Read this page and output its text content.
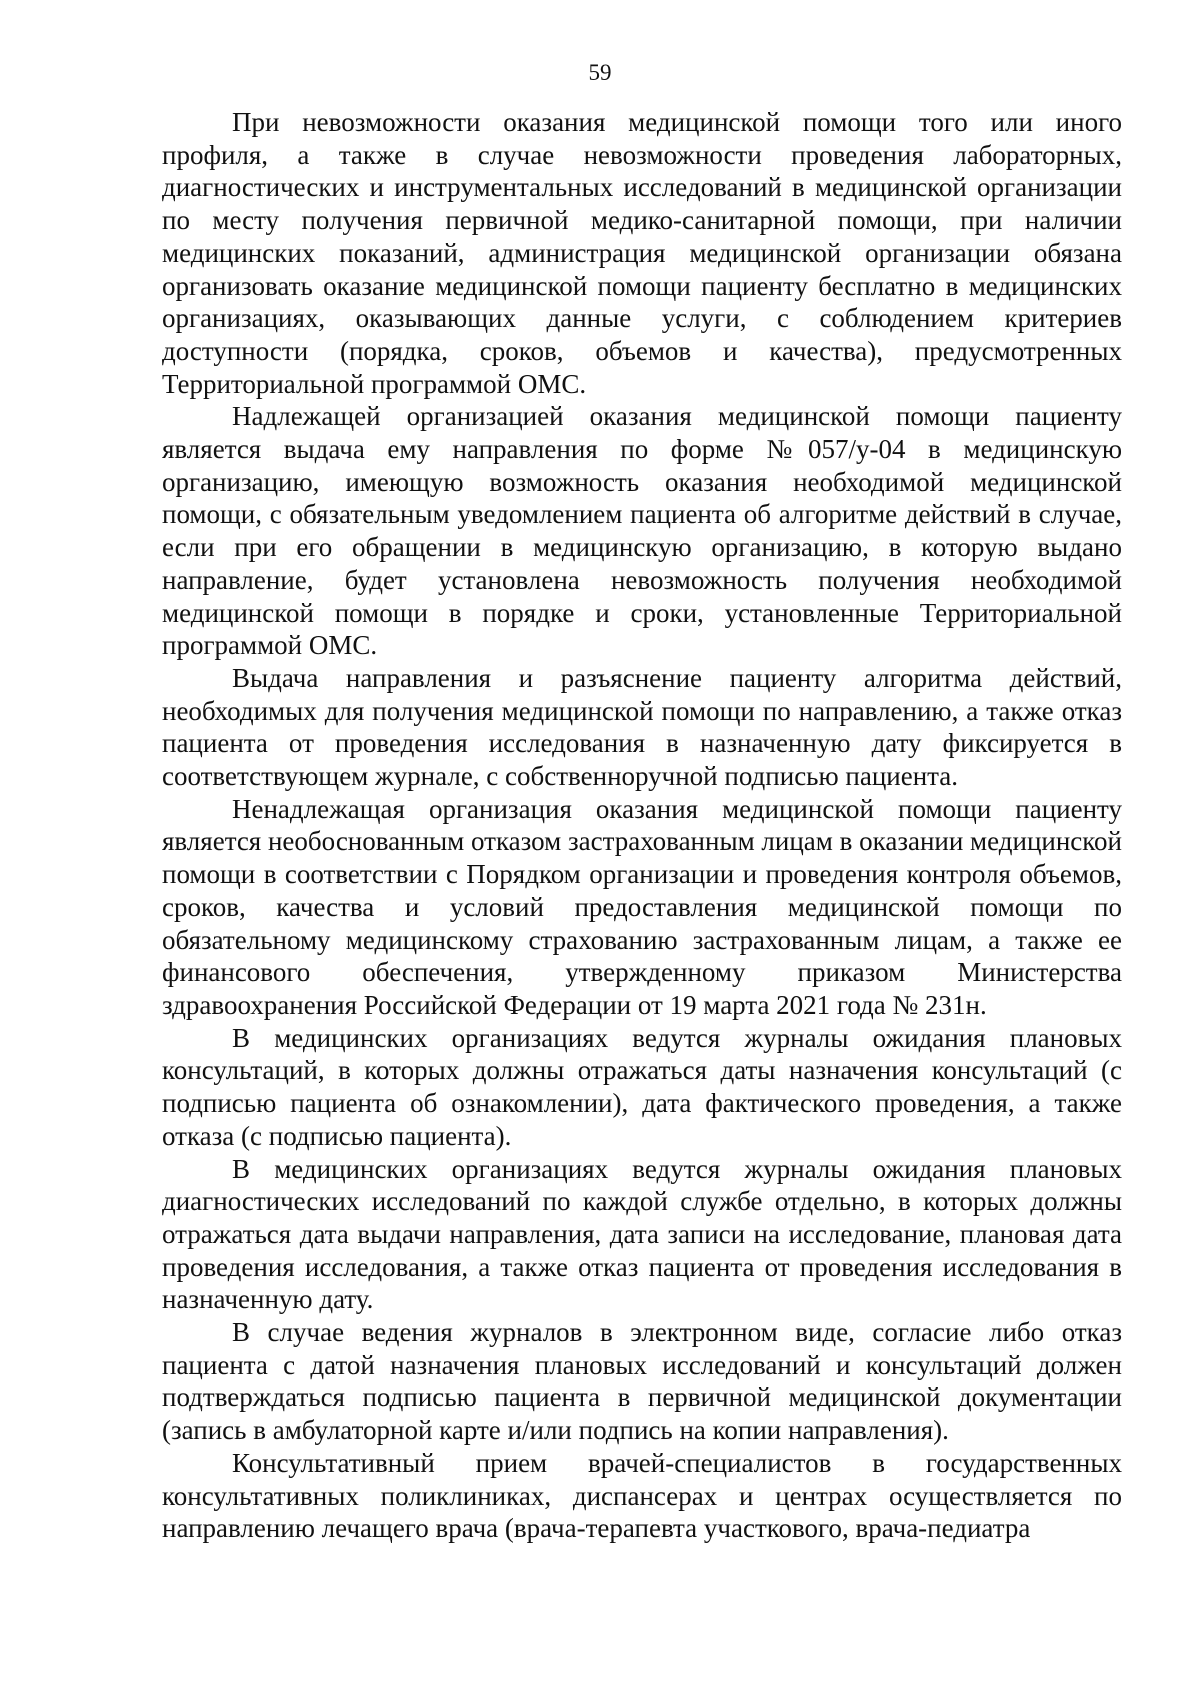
59

При невозможности оказания медицинской помощи того или иного профиля, а также в случае невозможности проведения лабораторных, диагностических и инструментальных исследований в медицинской организации по месту получения первичной медико-санитарной помощи, при наличии медицинских показаний, администрация медицинской организации обязана организовать оказание медицинской помощи пациенту бесплатно в медицинских организациях, оказывающих данные услуги, с соблюдением критериев доступности (порядка, сроков, объемов и качества), предусмотренных Территориальной программой ОМС.

Надлежащей организацией оказания медицинской помощи пациенту является выдача ему направления по форме №057/у-04 в медицинскую организацию, имеющую возможность оказания необходимой медицинской помощи, с обязательным уведомлением пациента об алгоритме действий в случае, если при его обращении в медицинскую организацию, в которую выдано направление, будет установлена невозможность получения необходимой медицинской помощи в порядке и сроки, установленные Территориальной программой ОМС.

Выдача направления и разъяснение пациенту алгоритма действий, необходимых для получения медицинской помощи по направлению, а также отказ пациента от проведения исследования в назначенную дату фиксируется в соответствующем журнале, с собственноручной подписью пациента.

Ненадлежащая организация оказания медицинской помощи пациенту является необоснованным отказом застрахованным лицам в оказании медицинской помощи в соответствии с Порядком организации и проведения контроля объемов, сроков, качества и условий предоставления медицинской помощи по обязательному медицинскому страхованию застрахованным лицам, а также ее финансового обеспечения, утвержденному приказом Министерства здравоохранения Российской Федерации от 19 марта 2021 года № 231н.

В медицинских организациях ведутся журналы ожидания плановых консультаций, в которых должны отражаться даты назначения консультаций (с подписью пациента об ознакомлении), дата фактического проведения, а также отказа (с подписью пациента).

В медицинских организациях ведутся журналы ожидания плановых диагностических исследований по каждой службе отдельно, в которых должны отражаться дата выдачи направления, дата записи на исследование, плановая дата проведения исследования, а также отказ пациента от проведения исследования в назначенную дату.

В случае ведения журналов в электронном виде, согласие либо отказ пациента с датой назначения плановых исследований и консультаций должен подтверждаться подписью пациента в первичной медицинской документации (запись в амбулаторной карте и/или подпись на копии направления).

Консультативный прием врачей-специалистов в государственных консультативных поликлиниках, диспансерах и центрах осуществляется по направлению лечащего врача (врача-терапевта участкового, врача-педиатра
